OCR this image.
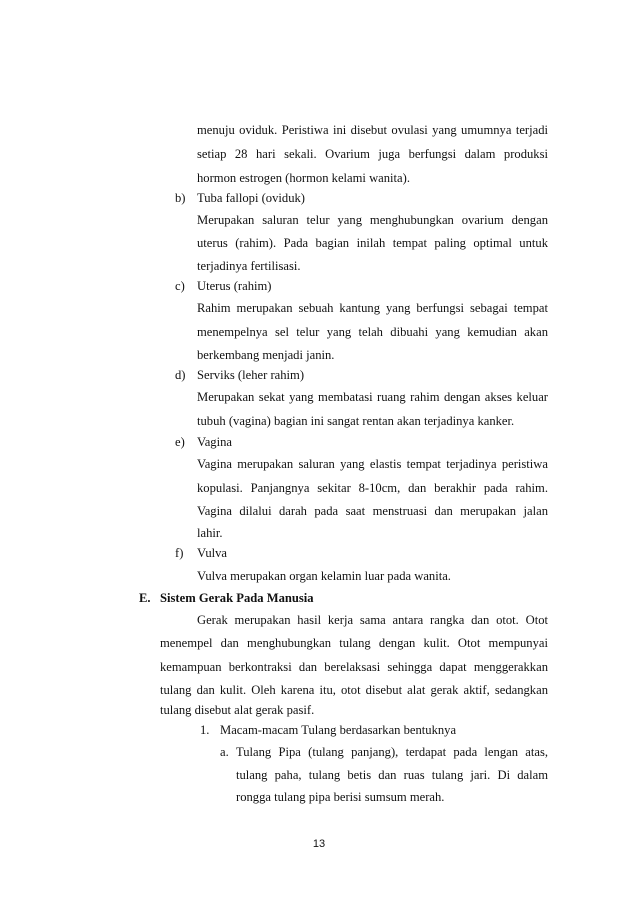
menuju oviduk. Peristiwa ini disebut ovulasi yang umumnya terjadi
setiap 28 hari sekali. Ovarium juga berfungsi dalam produksi
hormon estrogen (hormon kelami wanita).
b) Tuba fallopi (oviduk)
Merupakan saluran telur yang menghubungkan ovarium dengan
uterus (rahim). Pada bagian inilah tempat paling optimal untuk
terjadinya fertilisasi.
c) Uterus (rahim)
Rahim merupakan sebuah kantung yang berfungsi sebagai tempat
menempelnya sel telur yang telah dibuahi yang kemudian akan
berkembang menjadi janin.
d) Serviks (leher rahim)
Merupakan sekat yang membatasi ruang rahim dengan akses keluar
tubuh (vagina) bagian ini sangat rentan akan terjadinya kanker.
e) Vagina
Vagina merupakan saluran yang elastis tempat terjadinya peristiwa
kopulasi. Panjangnya sekitar 8-10cm, dan berakhir pada rahim.
Vagina dilalui darah pada saat menstruasi dan merupakan jalan
lahir.
f) Vulva
Vulva merupakan organ kelamin luar pada wanita.
E. Sistem Gerak Pada Manusia
Gerak merupakan hasil kerja sama antara rangka dan otot. Otot
menempel dan menghubungkan tulang dengan kulit. Otot mempunyai
kemampuan berkontraksi dan berelaksasi sehingga dapat menggerakkan
tulang dan kulit. Oleh karena itu, otot disebut alat gerak aktif, sedangkan
tulang disebut alat gerak pasif.
1. Macam-macam Tulang berdasarkan bentuknya
a. Tulang Pipa (tulang panjang), terdapat pada lengan atas,
tulang paha, tulang betis dan ruas tulang jari. Di dalam
rongga tulang pipa berisi sumsum merah.
13
